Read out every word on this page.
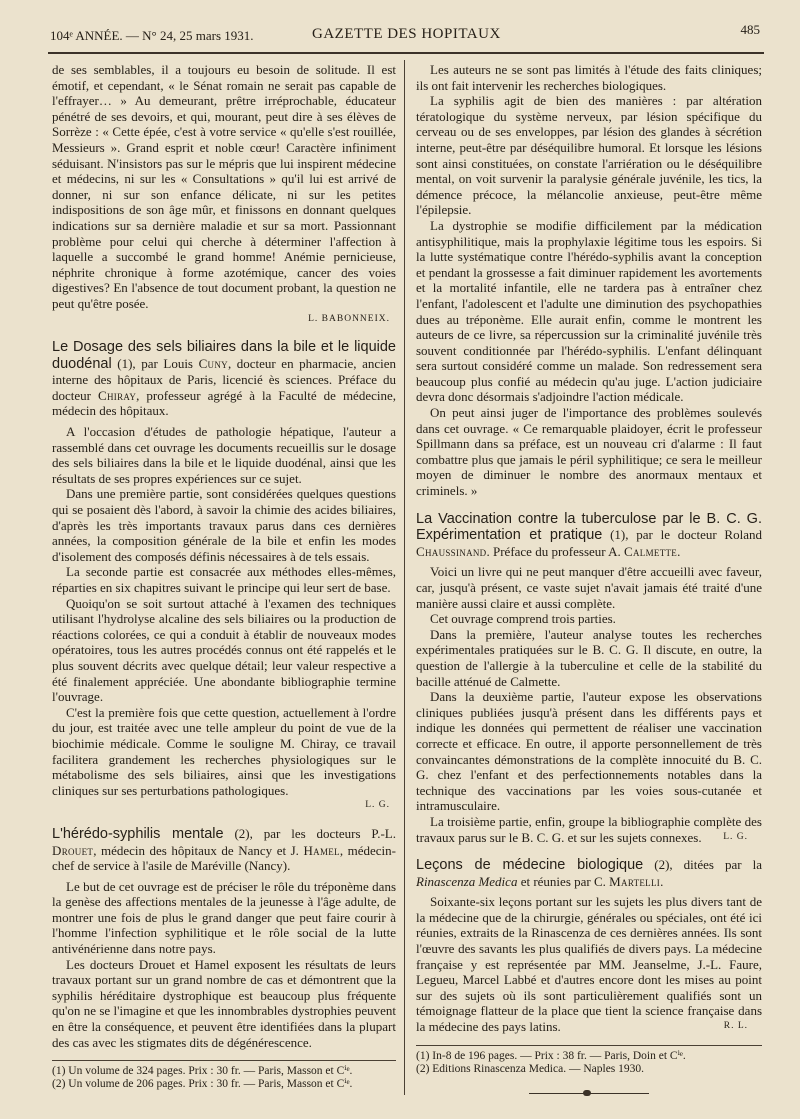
104ᵉ ANNÉE. — N° 24, 25 mars 1931.	GAZETTE DES HOPITAUX	485

de ses semblables, il a toujours eu besoin de solitude. Il est émotif, et cependant, « le Sénat romain ne serait pas capable de l'effrayer… » Au demeurant, prêtre irréprochable, éducateur pénétré de ses devoirs, et qui, mourant, peut dire à ses élèves de Sorrèze : « Cette épée, c'est à votre service « qu'elle s'est rouillée, Messieurs ». Grand esprit et noble cœur! Caractère infiniment séduisant. N'insistors pas sur le mépris que lui inspirent médecine et médecins, ni sur les « Consultations » qu'il lui est arrivé de donner, ni sur son enfance délicate, ni sur les petites indispositions de son âge mûr, et finissons en donnant quelques indications sur sa dernière maladie et sur sa mort. Passionnant problème pour celui qui cherche à déterminer l'affection à laquelle a succombé le grand homme! Anémie pernicieuse, néphrite chronique à forme azotémique, cancer des voies digestives? En l'absence de tout document probant, la question ne peut qu'être posée.

L. BABONNEIX.

Le Dosage des sels biliaires dans la bile et le liquide duodénal (1), par Louis Cuny, docteur en pharmacie, ancien interne des hôpitaux de Paris, licencié ès sciences. Préface du docteur Chiray, professeur agrégé à la Faculté de médecine, médecin des hôpitaux.

A l'occasion d'études de pathologie hépatique, l'auteur a rassemblé dans cet ouvrage les documents recueillis sur le dosage des sels biliaires dans la bile et le liquide duodénal, ainsi que les résultats de ses propres expériences sur ce sujet.

Dans une première partie, sont considérées quelques questions qui se posaient dès l'abord, à savoir la chimie des acides biliaires, d'après les très importants travaux parus dans ces dernières années, la composition générale de la bile et enfin les modes d'isolement des composés définis nécessaires à de tels essais.

La seconde partie est consacrée aux méthodes elles-mêmes, réparties en six chapitres suivant le principe qui leur sert de base.

Quoiqu'on se soit surtout attaché à l'examen des techniques utilisant l'hydrolyse alcaline des sels biliaires ou la production de réactions colorées, ce qui a conduit à établir de nouveaux modes opératoires, tous les autres procédés connus ont été rappelés et le plus souvent décrits avec quelque détail; leur valeur respective a été finalement appréciée. Une abondante bibliographie termine l'ouvrage.

C'est la première fois que cette question, actuellement à l'ordre du jour, est traitée avec une telle ampleur du point de vue de la biochimie médicale. Comme le souligne M. Chiray, ce travail facilitera grandement les recherches physiologiques sur le métabolisme des sels biliaires, ainsi que les investigations cliniques sur ses perturbations pathologiques.

L. G.

L'hérédo-syphilis mentale (2), par les docteurs P.-L. Drouet, médecin des hôpitaux de Nancy et J. Hamel, médecin-chef de service à l'asile de Maréville (Nancy).

Le but de cet ouvrage est de préciser le rôle du tréponème dans la genèse des affections mentales de la jeunesse à l'âge adulte, de montrer une fois de plus le grand danger que peut faire courir à l'homme l'infection syphilitique et le rôle social de la lutte antivénérienne dans notre pays.

Les docteurs Drouet et Hamel exposent les résultats de leurs travaux portant sur un grand nombre de cas et démontrent que la syphilis héréditaire dystrophique est beaucoup plus fréquente qu'on ne se l'imagine et que les innombrables dystrophies peuvent en être la conséquence, et peuvent être identifiées dans la plupart des cas avec les stigmates dits de dégénérescence.

(1) Un volume de 324 pages. Prix : 30 fr. — Paris, Masson et Cⁱᵉ.

(2) Un volume de 206 pages. Prix : 30 fr. — Paris, Masson et Cⁱᵉ.

Les auteurs ne se sont pas limités à l'étude des faits cliniques; ils ont fait intervenir les recherches biologiques.

La syphilis agit de bien des manières : par altération tératologique du système nerveux, par lésion spécifique du cerveau ou de ses enveloppes, par lésion des glandes à sécrétion interne, peut-être par déséquilibre humoral. Et lorsque les lésions sont ainsi constituées, on constate l'arriération ou le déséquilibre mental, on voit survenir la paralysie générale juvénile, les tics, la démence précoce, la mélancolie anxieuse, peut-être même l'épilepsie.

La dystrophie se modifie difficilement par la médication antisyphilitique, mais la prophylaxie légitime tous les espoirs. Si la lutte systématique contre l'hérédo-syphilis avant la conception et pendant la grossesse a fait diminuer rapidement les avortements et la mortalité infantile, elle ne tardera pas à entraîner chez l'enfant, l'adolescent et l'adulte une diminution des psychopathies dues au tréponème. Elle aurait enfin, comme le montrent les auteurs de ce livre, sa répercussion sur la criminalité juvénile très souvent conditionnée par l'hérédo-syphilis. L'enfant délinquant sera surtout considéré comme un malade. Son redressement sera beaucoup plus confié au médecin qu'au juge. L'action judiciaire devra donc désormais s'adjoindre l'action médicale.

On peut ainsi juger de l'importance des problèmes soulevés dans cet ouvrage. « Ce remarquable plaidoyer, écrit le professeur Spillmann dans sa préface, est un nouveau cri d'alarme : Il faut combattre plus que jamais le péril syphilitique; ce sera le meilleur moyen de diminuer le nombre des anormaux mentaux et criminels. »

La Vaccination contre la tuberculose par le B. C. G. Expérimentation et pratique (1), par le docteur Roland Chaussinand. Préface du professeur A. Calmette.

Voici un livre qui ne peut manquer d'être accueilli avec faveur, car, jusqu'à présent, ce vaste sujet n'avait jamais été traité d'une manière aussi claire et aussi complète.

Cet ouvrage comprend trois parties.

Dans la première, l'auteur analyse toutes les recherches expérimentales pratiquées sur le B. C. G. Il discute, en outre, la question de l'allergie à la tuberculine et celle de la stabilité du bacille atténué de Calmette.

Dans la deuxième partie, l'auteur expose les observations cliniques publiées jusqu'à présent dans les différents pays et indique les données qui permettent de réaliser une vaccination correcte et efficace. En outre, il apporte personnellement de très convaincantes démonstrations de la complète innocuité du B. C. G. chez l'enfant et des perfectionnements notables dans la technique des vaccinations par les voies sous-cutanée et intramusculaire.

La troisième partie, enfin, groupe la bibliographie complète des travaux parus sur le B. C. G. et sur les sujets connexes.	L. G.

Leçons de médecine biologique (2), ditées par la Rinascenza Medica et réunies par C. Martelli.

Soixante-six leçons portant sur les sujets les plus divers tant de la médecine que de la chirurgie, générales ou spéciales, ont été ici réunies, extraits de la Rinascenza de ces dernières années. Ils sont l'œuvre des savants les plus qualifiés de divers pays. La médecine française y est représentée par MM. Jeanselme, J.-L. Faure, Legueu, Marcel Labbé et d'autres encore dont les mises au point sur des sujets où ils sont particulièrement qualifiés sont un témoignage flatteur de la place que tient la science française dans la médecine des pays latins.	R. L.

(1) In-8 de 196 pages. — Prix : 38 fr. — Paris, Doin et Cⁱᵉ.

(2) Editions Rinascenza Medica. — Naples 1930.
